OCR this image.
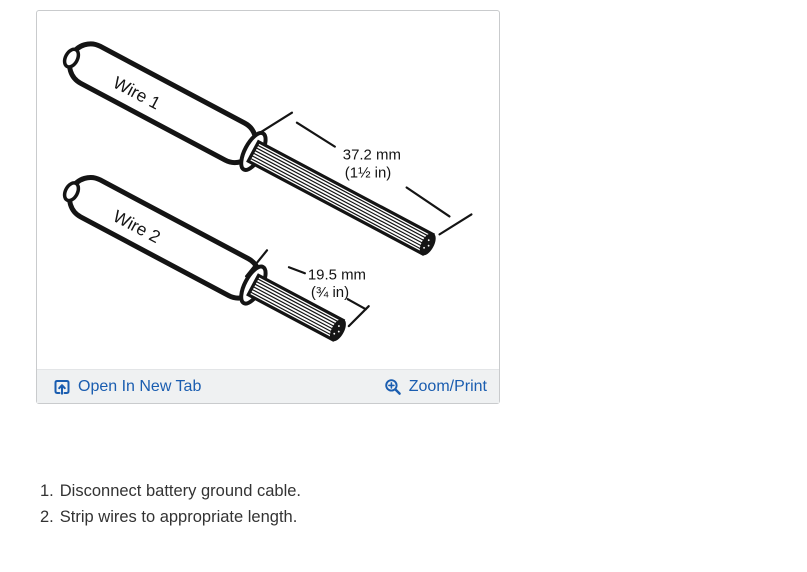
Wire 1
Wire 2
37.2 mm
(1½ in)
19.5 mm
(¾ in)
Open In New Tab	Zoom/Print
1. Disconnect battery ground cable.
2. Strip wires to appropriate length.
